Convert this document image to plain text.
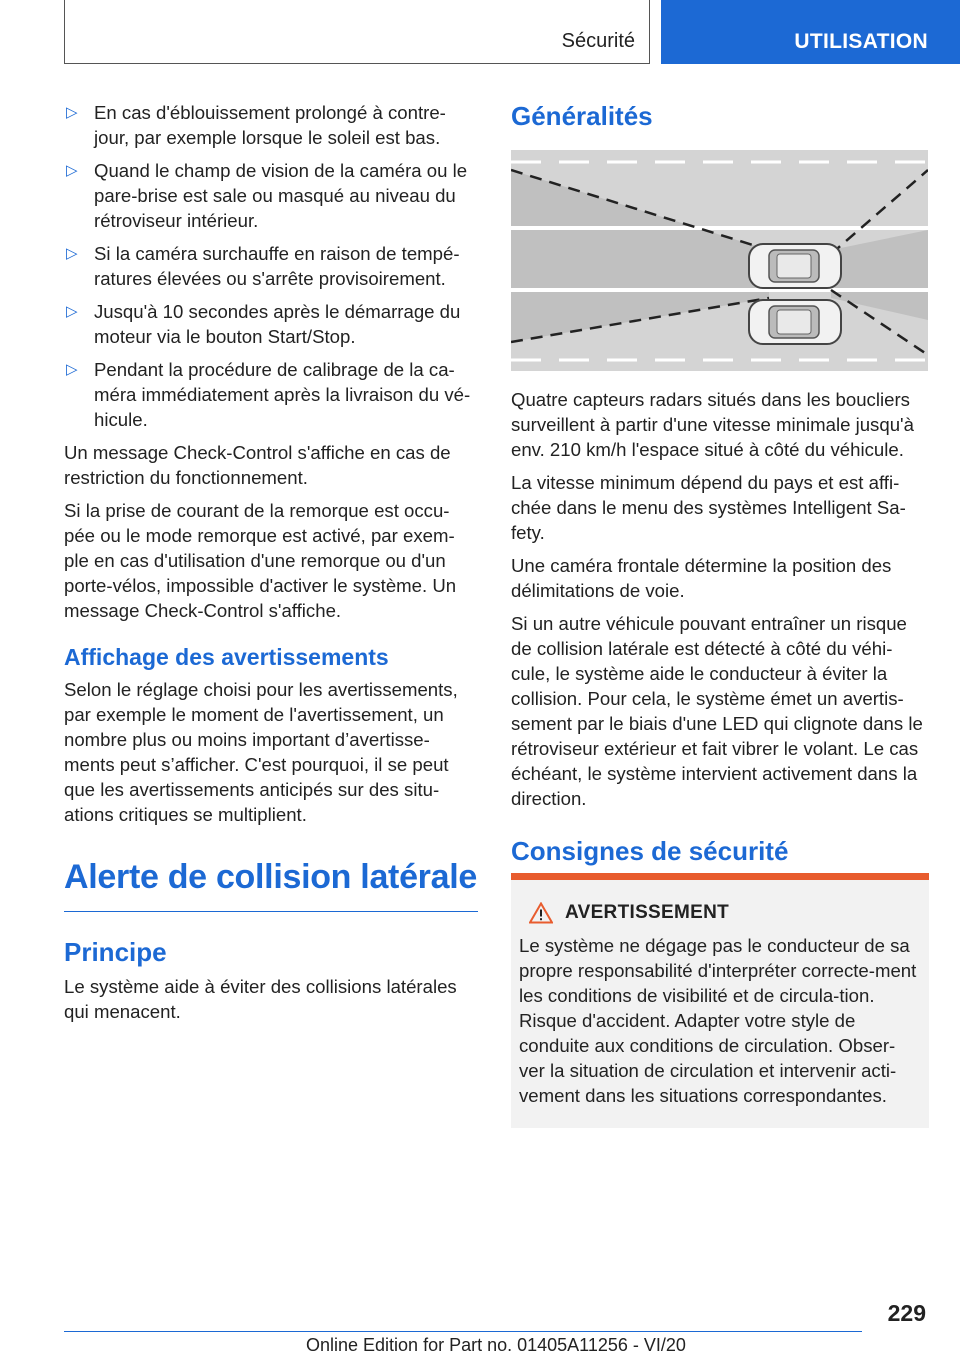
Sécurité	UTILISATION
▷ En cas d'éblouissement prolongé à contre-jour, par exemple lorsque le soleil est bas.
▷ Quand le champ de vision de la caméra ou le pare-brise est sale ou masqué au niveau du rétroviseur intérieur.
▷ Si la caméra surchauffe en raison de tempé-ratures élevées ou s'arrête provisoirement.
▷ Jusqu'à 10 secondes après le démarrage du moteur via le bouton Start/Stop.
▷ Pendant la procédure de calibrage de la ca-méra immédiatement après la livraison du vé-hicule.

Un message Check-Control s'affiche en cas de restriction du fonctionnement.

Si la prise de courant de la remorque est occu-pée ou le mode remorque est activé, par exem-ple en cas d'utilisation d'une remorque ou d'un porte-vélos, impossible d'activer le système. Un message Check-Control s'affiche.

Affichage des avertissements

Selon le réglage choisi pour les avertissements, par exemple le moment de l'avertissement, un nombre plus ou moins important d’avertisse-ments peut s’afficher. C'est pourquoi, il se peut que les avertissements anticipés sur des situ-ations critiques se multiplient.

Alerte de collision latérale
Principe

Le système aide à éviter des collisions latérales qui menacent.

Généralités

Quatre capteurs radars situés dans les boucliers surveillent à partir d'une vitesse minimale jusqu'à env. 210 km/h l'espace situé à côté du véhicule.

La vitesse minimum dépend du pays et est affi-chée dans le menu des systèmes Intelligent Sa-fety.

Une caméra frontale détermine la position des délimitations de voie.

Si un autre véhicule pouvant entraîner un risque de collision latérale est détecté à côté du véhi-cule, le système aide le conducteur à éviter la collision. Pour cela, le système émet un avertis-sement par le biais d'une LED qui clignote dans le rétroviseur extérieur et fait vibrer le volant. Le cas échéant, le système intervient activement dans la direction.

Consignes de sécurité
AVERTISSEMENT

Le système ne dégage pas le conducteur de sa propre responsabilité d'interpréter correcte-ment les conditions de visibilité et de circula-tion. Risque d'accident. Adapter votre style de conduite aux conditions de circulation. Obser-ver la situation de circulation et intervenir acti-vement dans les situations correspondantes.

229
Online Edition for Part no. 01405A11256 - VI/20
